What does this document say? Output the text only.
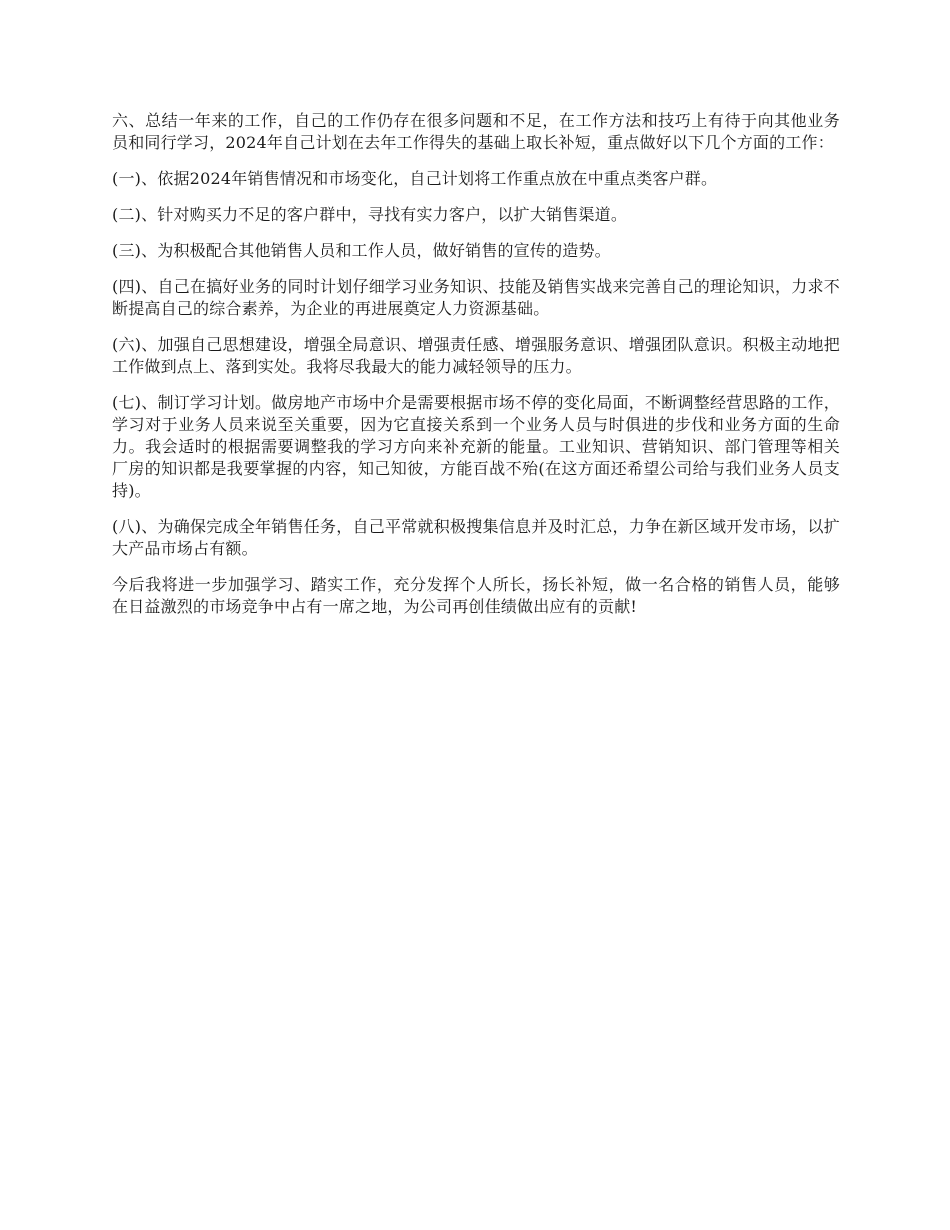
六、总结一年来的工作，自己的工作仍存在很多问题和不足，在工作方法和技巧上有待于向其他业务员和同行学习，2024年自己计划在去年工作得失的基础上取长补短，重点做好以下几个方面的工作：

(一)、依据2024年销售情况和市场变化，自己计划将工作重点放在中重点类客户群。

(二)、针对购买力不足的客户群中，寻找有实力客户，以扩大销售渠道。

(三)、为积极配合其他销售人员和工作人员，做好销售的宣传的造势。

(四)、自己在搞好业务的同时计划仔细学习业务知识、技能及销售实战来完善自己的理论知识，力求不断提高自己的综合素养，为企业的再进展奠定人力资源基础。

(六)、加强自己思想建设，增强全局意识、增强责任感、增强服务意识、增强团队意识。积极主动地把工作做到点上、落到实处。我将尽我最大的能力减轻领导的压力。

(七)、制订学习计划。做房地产市场中介是需要根据市场不停的变化局面，不断调整经营思路的工作，学习对于业务人员来说至关重要，因为它直接关系到一个业务人员与时俱进的步伐和业务方面的生命力。我会适时的根据需要调整我的学习方向来补充新的能量。工业知识、营销知识、部门管理等相关厂房的知识都是我要掌握的内容，知己知彼，方能百战不殆(在这方面还希望公司给与我们业务人员支持)。

(八)、为确保完成全年销售任务，自己平常就积极搜集信息并及时汇总，力争在新区域开发市场，以扩大产品市场占有额。

今后我将进一步加强学习、踏实工作，充分发挥个人所长，扬长补短，做一名合格的销售人员，能够在日益激烈的市场竞争中占有一席之地，为公司再创佳绩做出应有的贡献!
